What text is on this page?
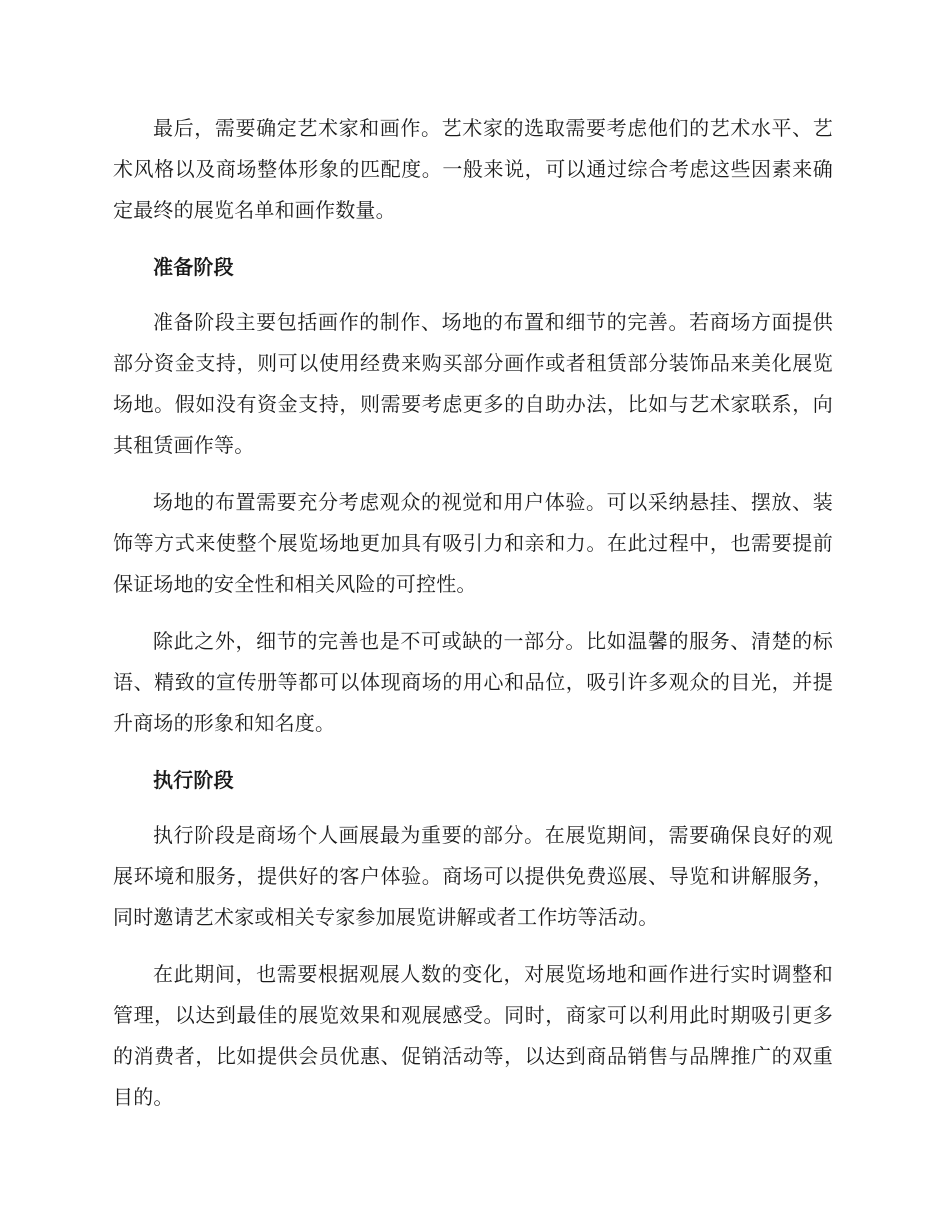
最后，需要确定艺术家和画作。艺术家的选取需要考虑他们的艺术水平、艺术风格以及商场整体形象的匹配度。一般来说，可以通过综合考虑这些因素来确定最终的展览名单和画作数量。

准备阶段

准备阶段主要包括画作的制作、场地的布置和细节的完善。若商场方面提供部分资金支持，则可以使用经费来购买部分画作或者租赁部分装饰品来美化展览场地。假如没有资金支持，则需要考虑更多的自助办法，比如与艺术家联系，向其租赁画作等。

场地的布置需要充分考虑观众的视觉和用户体验。可以采纳悬挂、摆放、装饰等方式来使整个展览场地更加具有吸引力和亲和力。在此过程中，也需要提前保证场地的安全性和相关风险的可控性。

除此之外，细节的完善也是不可或缺的一部分。比如温馨的服务、清楚的标语、精致的宣传册等都可以体现商场的用心和品位，吸引许多观众的目光，并提升商场的形象和知名度。

执行阶段

执行阶段是商场个人画展最为重要的部分。在展览期间，需要确保良好的观展环境和服务，提供好的客户体验。商场可以提供免费巡展、导览和讲解服务，同时邀请艺术家或相关专家参加展览讲解或者工作坊等活动。

在此期间，也需要根据观展人数的变化，对展览场地和画作进行实时调整和管理，以达到最佳的展览效果和观展感受。同时，商家可以利用此时期吸引更多的消费者，比如提供会员优惠、促销活动等，以达到商品销售与品牌推广的双重目的。
